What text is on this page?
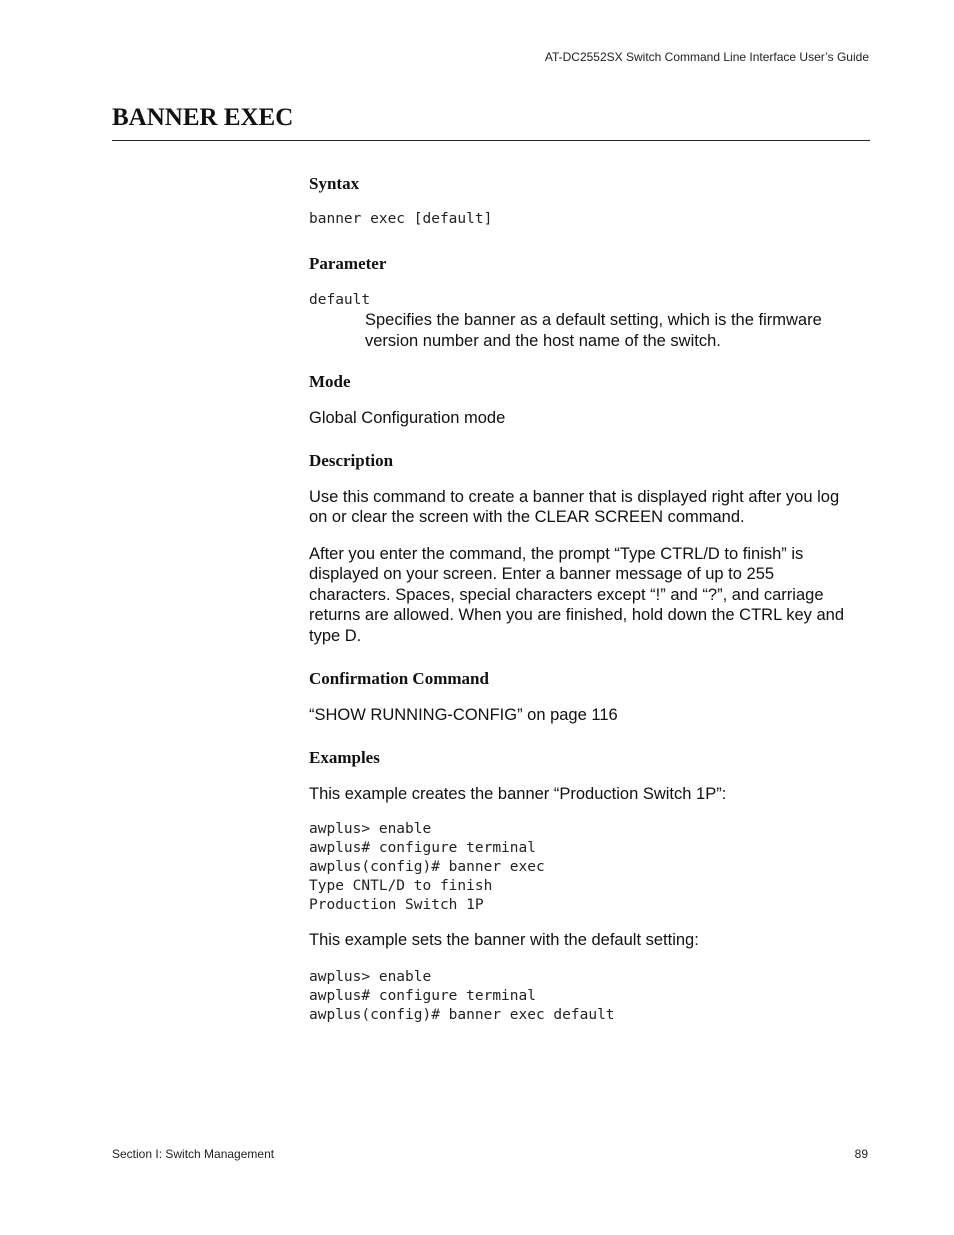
AT-DC2552SX Switch Command Line Interface User’s Guide
BANNER EXEC
Syntax
banner exec [default]
Parameter
default
Specifies the banner as a default setting, which is the firmware
version number and the host name of the switch.
Mode
Global Configuration mode
Description
Use this command to create a banner that is displayed right after you log
on or clear the screen with the CLEAR SCREEN command.
After you enter the command, the prompt “Type CTRL/D to finish” is
displayed on your screen. Enter a banner message of up to 255
characters. Spaces, special characters except “!” and “?”, and carriage
returns are allowed. When you are finished, hold down the CTRL key and
type D.
Confirmation Command
“SHOW RUNNING-CONFIG” on page 116
Examples
This example creates the banner “Production Switch 1P”:
awplus> enable
awplus# configure terminal
awplus(config)# banner exec
Type CNTL/D to finish
Production Switch 1P
This example sets the banner with the default setting:
awplus> enable
awplus# configure terminal
awplus(config)# banner exec default
Section I: Switch Management	89
